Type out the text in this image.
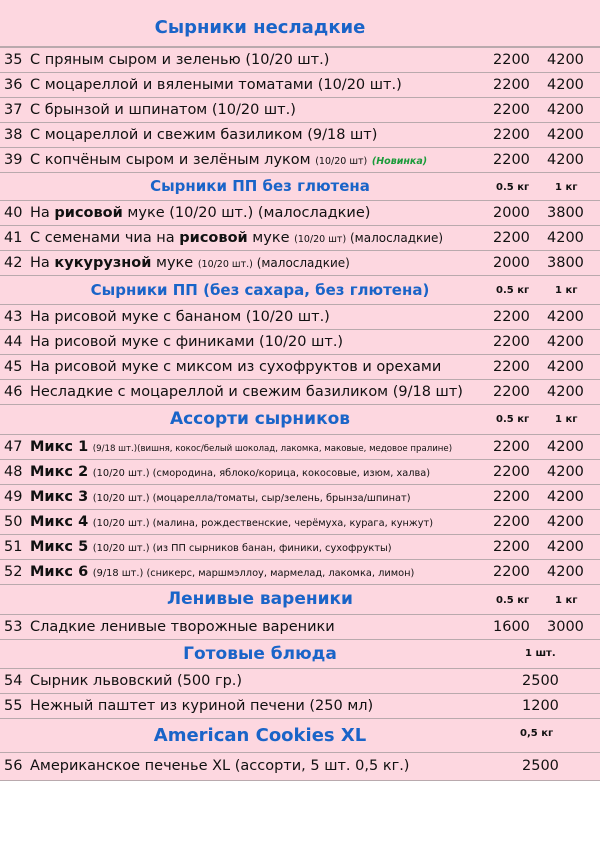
Сырники несладкие
35 С пряным сыром и зеленью (10/20 шт.)	2200 4200
36 С моцареллой и вялеными томатами (10/20 шт.)	2200 4200
37 С брынзой и шпинатом (10/20 шт.)	2200 4200
38 С моцареллой и свежим базиликом (9/18 шт)	2200 4200
39 С копчёным сыром и зелёным луком (10/20 шт) (Новинка)	2200 4200
Сырники ПП без глютена	0.5 кг	1 кг
40 На рисовой муке (10/20 шт.) (малосладкие)	2000 3800
41 С семенами чиа на рисовой муке (10/20 шт) (малосладкие)	2200 4200
42 На кукурузной муке (10/20 шт.) (малосладкие)	2000 3800
Сырники ПП (без сахара, без глютена)	0.5 кг	1 кг
43 На рисовой муке с бананом (10/20 шт.)	2200 4200
44 На рисовой муке с финиками (10/20 шт.)	2200 4200
45 На рисовой муке с миксом из сухофруктов и орехами	2200 4200
46 Несладкие с моцареллой и свежим базиликом (9/18 шт)	2200 4200
Ассорти сырников	0.5 кг	1 кг
47 Микс 1 (9/18 шт.)(вишня, кокос/белый шоколад, лакомка, маковые, медовое пралине)	2200 4200
48 Микс 2 (10/20 шт.) (смородина, яблоко/корица, кокосовые, изюм, халва)	2200 4200
49 Микс 3 (10/20 шт.) (моцарелла/томаты, сыр/зелень, брынза/шпинат)	2200 4200
50 Микс 4 (10/20 шт.) (малина, рождественские, черёмуха, курага, кунжут)	2200 4200
51 Микс 5 (10/20 шт.) (из ПП сырников банан, финики, сухофрукты)	2200 4200
52 Микс 6 (9/18 шт.) (сникерс, маршмэллоу, мармелад, лакомка, лимон)	2200 4200
Ленивые вареники	0.5 кг	1 кг
53 Сладкие ленивые творожные вареники	1600 3000
Готовые блюда	1 шт.
54 Сырник львовский (500 гр.)	2500
55 Нежный паштет из куриной печени (250 мл)	1200
American Cookies XL	0,5 кг
56 Американское печенье XL (ассорти, 5 шт. 0,5 кг.)	2500
